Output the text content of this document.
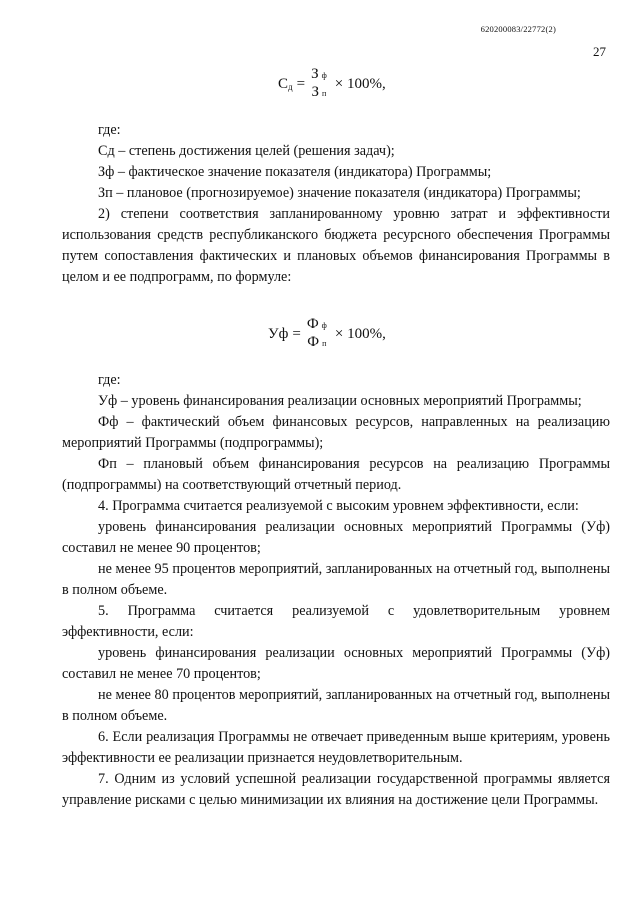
620200083/22772(2)
27
$С_д$ =
Зф
Зп
× 100%,

где:

Сд – степень достижения целей (решения задач);

Зф – фактическое значение показателя (индикатора) Программы;

Зп – плановое (прогнозируемое) значение показателя (индикатора) Программы;

2) степени соответствия запланированному уровню затрат и эффективности использования средств республиканского бюджета ресурсного обеспечения Программы путем сопоставления фактических и плановых объемов финансирования Программы в целом и ее подпрограмм, по формуле:

Уф =
Фф
Фп
× 100%,

где:

Уф – уровень финансирования реализации основных мероприятий Программы;

Фф – фактический объем финансовых ресурсов, направленных на реализацию мероприятий Программы (подпрограммы);

Фп – плановый объем финансирования ресурсов на реализацию Программы (подпрограммы) на соответствующий отчетный период.

4. Программа считается реализуемой с высоким уровнем эффективности, если:

уровень финансирования реализации основных мероприятий Программы (Уф) составил не менее 90 процентов;

не менее 95 процентов мероприятий, запланированных на отчетный год, выполнены в полном объеме.

5. Программа считается реализуемой с удовлетворительным уровнем эффективности, если:

уровень финансирования реализации основных мероприятий Программы (Уф) составил не менее 70 процентов;

не менее 80 процентов мероприятий, запланированных на отчетный год, выполнены в полном объеме.

6. Если реализация Программы не отвечает приведенным выше критериям, уровень эффективности ее реализации признается неудовлетворительным.

7. Одним из условий успешной реализации государственной программы является управление рисками с целью минимизации их влияния на достижение цели Программы.
